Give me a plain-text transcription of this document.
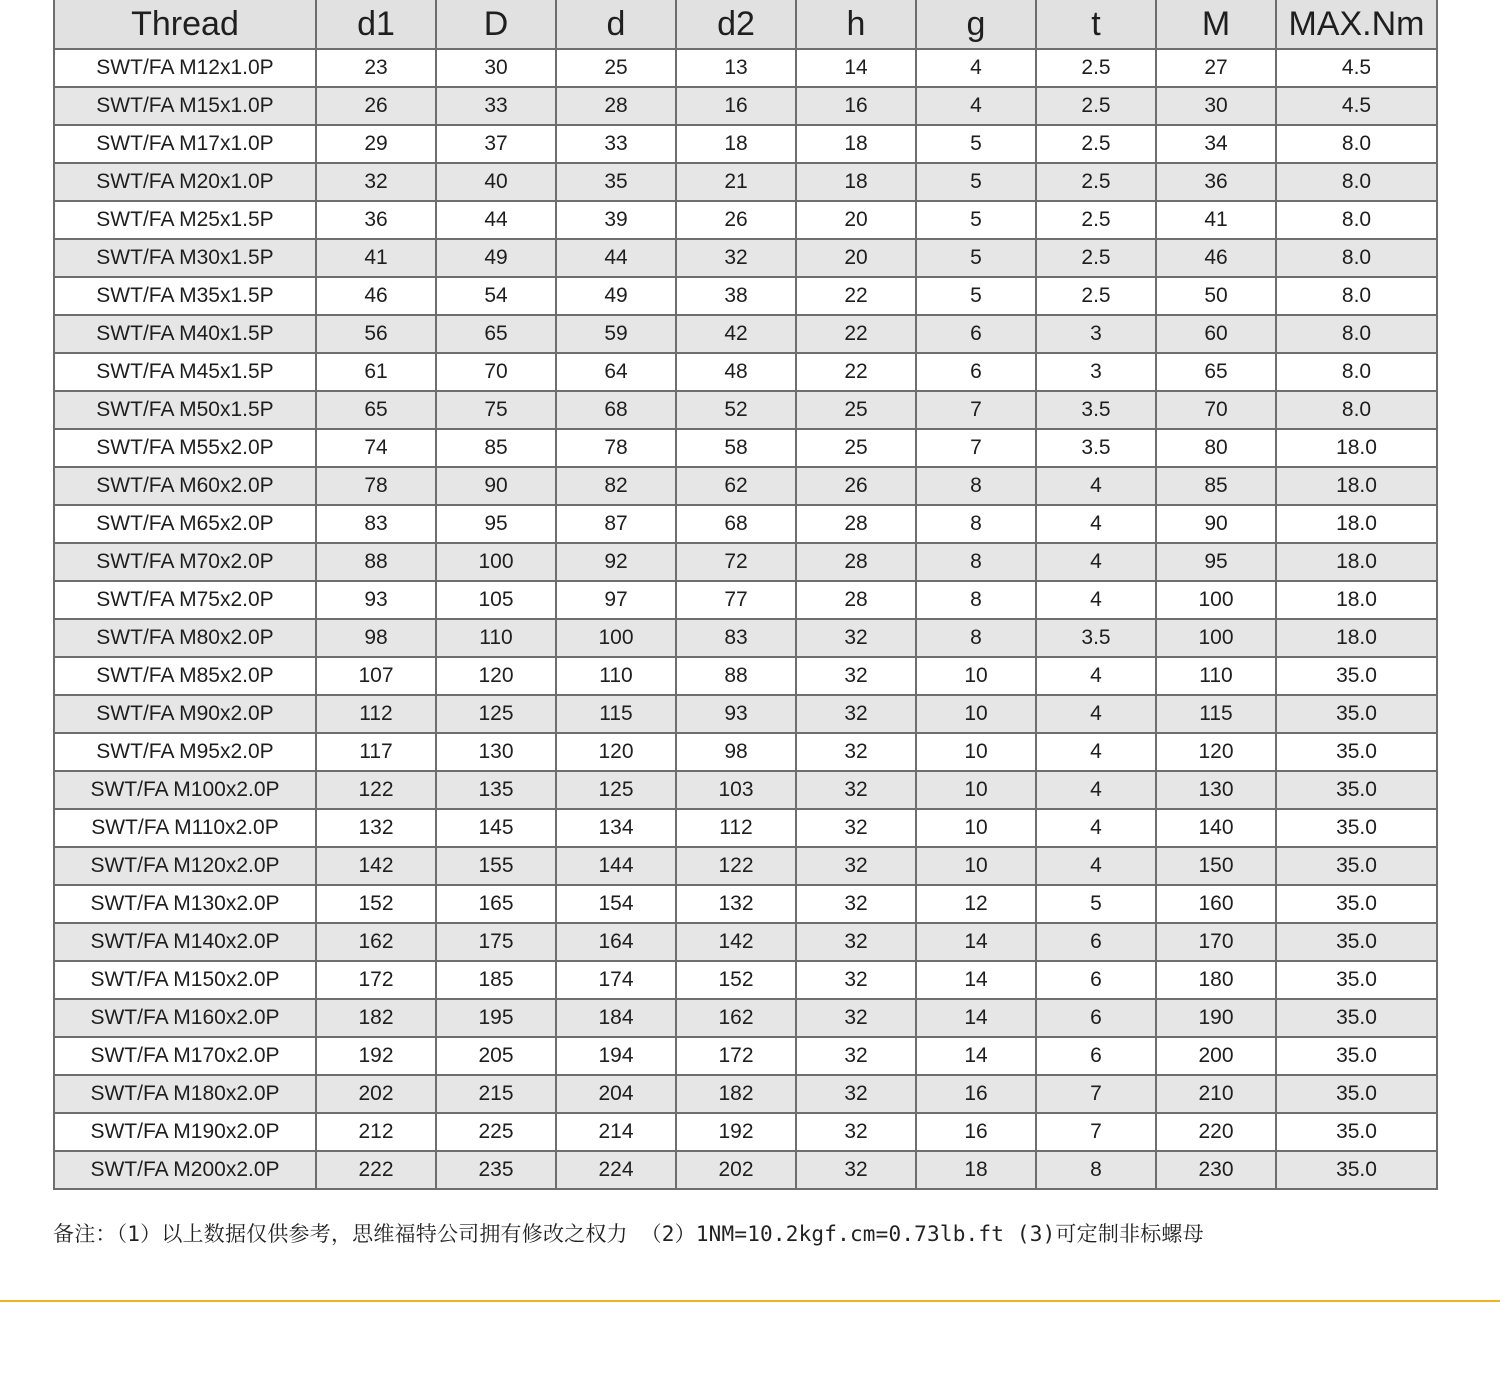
Thread	d1	D	d	d2	h	g	t	M	MAX.Nm
SWT/FA M12x1.0P	23	30	25	13	14	4	2.5	27	4.5
SWT/FA M15x1.0P	26	33	28	16	16	4	2.5	30	4.5
SWT/FA M17x1.0P	29	37	33	18	18	5	2.5	34	8.0
SWT/FA M20x1.0P	32	40	35	21	18	5	2.5	36	8.0
SWT/FA M25x1.5P	36	44	39	26	20	5	2.5	41	8.0
SWT/FA M30x1.5P	41	49	44	32	20	5	2.5	46	8.0
SWT/FA M35x1.5P	46	54	49	38	22	5	2.5	50	8.0
SWT/FA M40x1.5P	56	65	59	42	22	6	3	60	8.0
SWT/FA M45x1.5P	61	70	64	48	22	6	3	65	8.0
SWT/FA M50x1.5P	65	75	68	52	25	7	3.5	70	8.0
SWT/FA M55x2.0P	74	85	78	58	25	7	3.5	80	18.0
SWT/FA M60x2.0P	78	90	82	62	26	8	4	85	18.0
SWT/FA M65x2.0P	83	95	87	68	28	8	4	90	18.0
SWT/FA M70x2.0P	88	100	92	72	28	8	4	95	18.0
SWT/FA M75x2.0P	93	105	97	77	28	8	4	100	18.0
SWT/FA M80x2.0P	98	110	100	83	32	8	3.5	100	18.0
SWT/FA M85x2.0P	107	120	110	88	32	10	4	110	35.0
SWT/FA M90x2.0P	112	125	115	93	32	10	4	115	35.0
SWT/FA M95x2.0P	117	130	120	98	32	10	4	120	35.0
SWT/FA M100x2.0P	122	135	125	103	32	10	4	130	35.0
SWT/FA M110x2.0P	132	145	134	112	32	10	4	140	35.0
SWT/FA M120x2.0P	142	155	144	122	32	10	4	150	35.0
SWT/FA M130x2.0P	152	165	154	132	32	12	5	160	35.0
SWT/FA M140x2.0P	162	175	164	142	32	14	6	170	35.0
SWT/FA M150x2.0P	172	185	174	152	32	14	6	180	35.0
SWT/FA M160x2.0P	182	195	184	162	32	14	6	190	35.0
SWT/FA M170x2.0P	192	205	194	172	32	14	6	200	35.0
SWT/FA M180x2.0P	202	215	204	182	32	16	7	210	35.0
SWT/FA M190x2.0P	212	225	214	192	32	16	7	220	35.0
SWT/FA M200x2.0P	222	235	224	202	32	18	8	230	35.0
备注：（1）以上数据仅供参考，思维福特公司拥有修改之权力 （2）1NM=10.2kgf.cm=0.73lb.ft (3)可定制非标螺母
